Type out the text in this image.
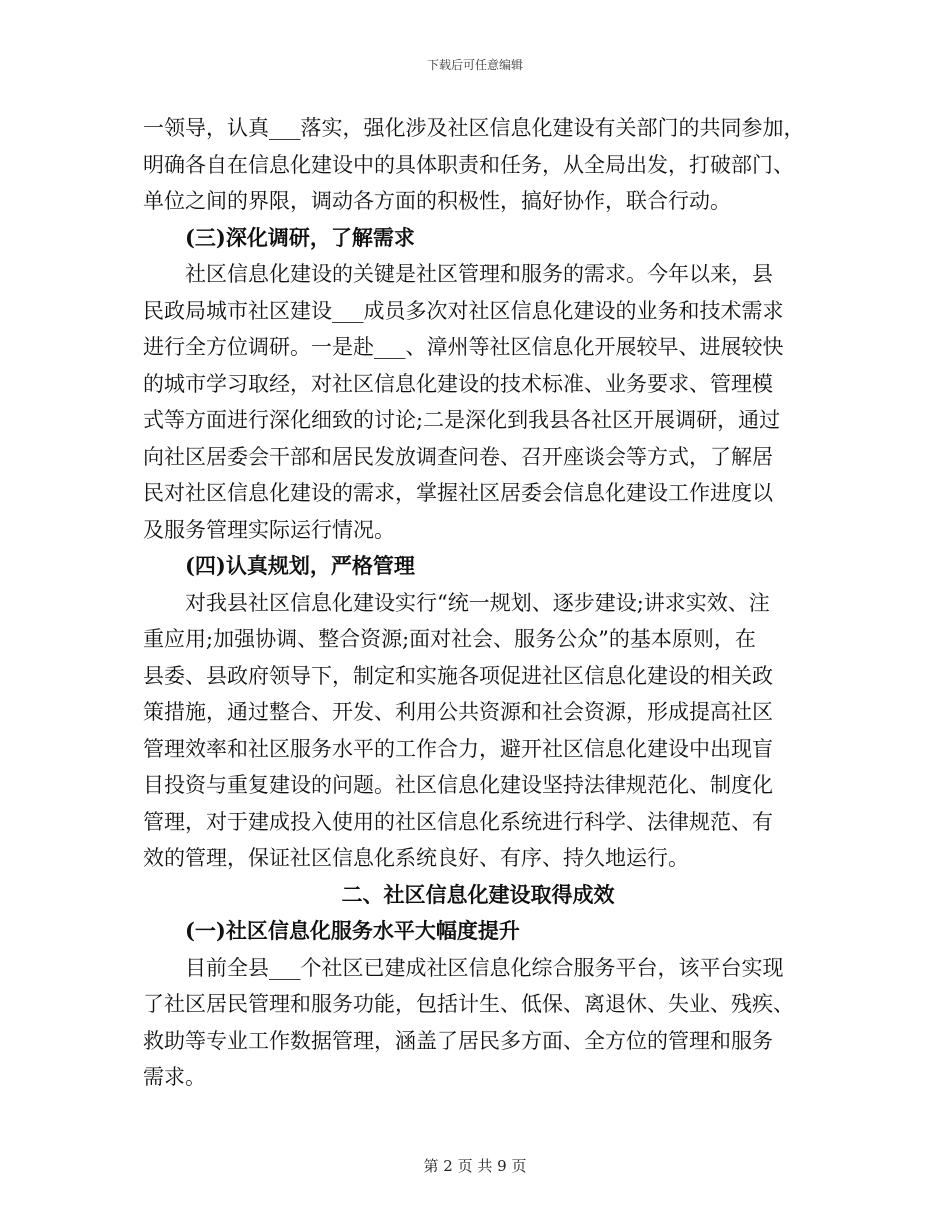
下载后可任意编辑
一领导，认真___落实，强化涉及社区信息化建设有关部门的共同参加，
明确各自在信息化建设中的具体职责和任务，从全局出发，打破部门、
单位之间的界限，调动各方面的积极性，搞好协作，联合行动。
(三)深化调研，了解需求
社区信息化建设的关键是社区管理和服务的需求。今年以来，县
民政局城市社区建设___成员多次对社区信息化建设的业务和技术需求
进行全方位调研。一是赴___、漳州等社区信息化开展较早、进展较快
的城市学习取经，对社区信息化建设的技术标准、业务要求、管理模
式等方面进行深化细致的讨论;二是深化到我县各社区开展调研，通过
向社区居委会干部和居民发放调查问卷、召开座谈会等方式，了解居
民对社区信息化建设的需求，掌握社区居委会信息化建设工作进度以
及服务管理实际运行情况。
(四)认真规划，严格管理
对我县社区信息化建设实行“统一规划、逐步建设;讲求实效、注
重应用;加强协调、整合资源;面对社会、服务公众”的基本原则，在
县委、县政府领导下，制定和实施各项促进社区信息化建设的相关政
策措施，通过整合、开发、利用公共资源和社会资源，形成提高社区
管理效率和社区服务水平的工作合力，避开社区信息化建设中出现盲
目投资与重复建设的问题。社区信息化建设坚持法律规范化、制度化
管理，对于建成投入使用的社区信息化系统进行科学、法律规范、有
效的管理，保证社区信息化系统良好、有序、持久地运行。
二、社区信息化建设取得成效
(一)社区信息化服务水平大幅度提升
目前全县___个社区已建成社区信息化综合服务平台，该平台实现
了社区居民管理和服务功能，包括计生、低保、离退休、失业、残疾、
救助等专业工作数据管理，涵盖了居民多方面、全方位的管理和服务
需求。
第 2 页 共 9 页
